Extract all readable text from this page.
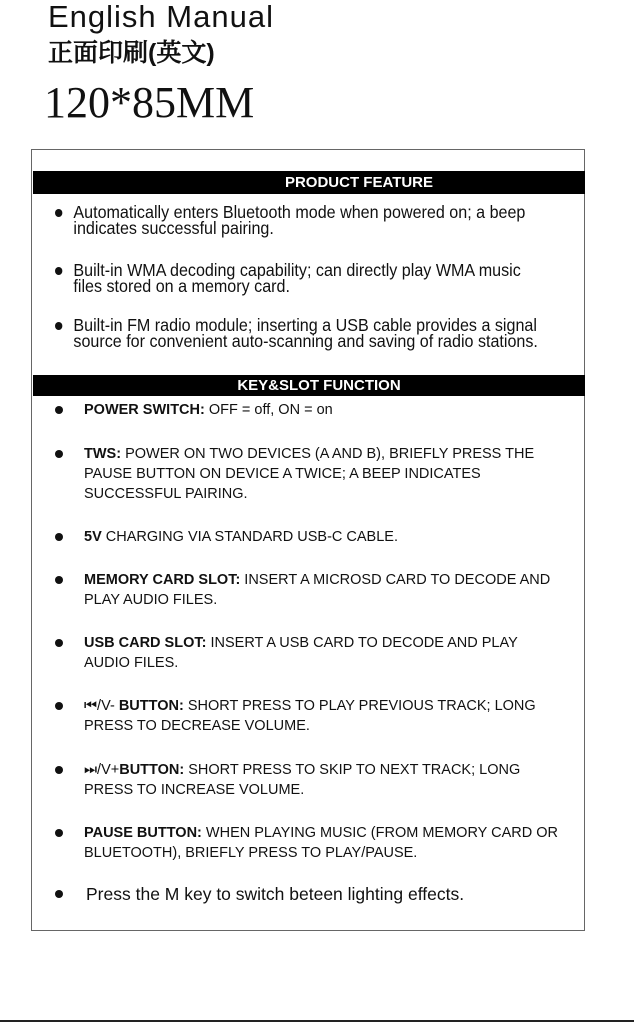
English Manual
正面印刷(英文)
120*85MM
PRODUCT FEATURE
Automatically enters Bluetooth mode when powered on; a beep indicates successful pairing.
Built-in WMA decoding capability; can directly play WMA music files stored on a memory card.
Built-in FM radio module; inserting a USB cable provides a signal source for convenient auto-scanning and saving of radio stations.
KEY&SLOT FUNCTION
POWER SWITCH: OFF = off, ON = on
TWS: POWER ON TWO DEVICES (A AND B), BRIEFLY PRESS THE PAUSE BUTTON ON DEVICE A TWICE; A BEEP INDICATES SUCCESSFUL PAIRING.
5V CHARGING VIA STANDARD USB-C CABLE.
MEMORY CARD SLOT: INSERT A MICROSD CARD TO DECODE AND PLAY AUDIO FILES.
USB CARD SLOT: INSERT A USB CARD TO DECODE AND PLAY AUDIO FILES.
⏮/V- BUTTON: SHORT PRESS TO PLAY PREVIOUS TRACK; LONG PRESS TO DECREASE VOLUME.
⏭/V+BUTTON: SHORT PRESS TO SKIP TO NEXT TRACK; LONG PRESS TO INCREASE VOLUME.
PAUSE BUTTON: WHEN PLAYING MUSIC (FROM MEMORY CARD OR BLUETOOTH), BRIEFLY PRESS TO PLAY/PAUSE.
Press the M key to switch beteen lighting effects.
